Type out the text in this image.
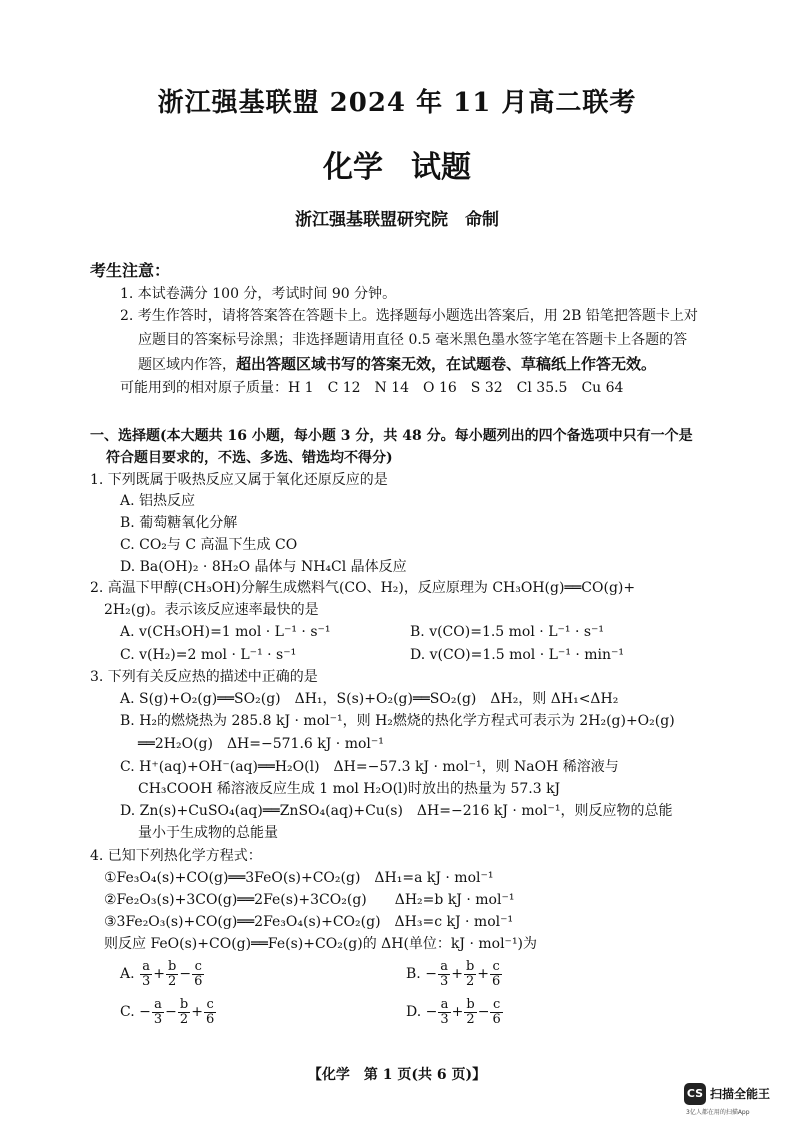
浙江强基联盟 2024 年 11 月高二联考
化学 试题
浙江强基联盟研究院　命制
考生注意：
1. 本试卷满分 100 分，考试时间 90 分钟。
2. 考生作答时，请将答案答在答题卡上。选择题每小题选出答案后，用 2B 铅笔把答题卡上对
应题目的答案标号涂黑；非选择题请用直径 0.5 毫米黑色墨水签字笔在答题卡上各题的答
题区域内作答，超出答题区域书写的答案无效，在试题卷、草稿纸上作答无效。
可能用到的相对原子质量：H 1　C 12　N 14　O 16　S 32　Cl 35.5　Cu 64
一、选择题(本大题共 16 小题，每小题 3 分，共 48 分。每小题列出的四个备选项中只有一个是
符合题目要求的，不选、多选、错选均不得分)
1. 下列既属于吸热反应又属于氧化还原反应的是
A. 铝热反应
B. 葡萄糖氧化分解
C. CO₂与 C 高温下生成 CO
D. Ba(OH)₂ · 8H₂O 晶体与 NH₄Cl 晶体反应
2. 高温下甲醇(CH₃OH)分解生成燃料气(CO、H₂)，反应原理为 CH₃OH(g)══CO(g)+
2H₂(g)。表示该反应速率最快的是
A. v(CH₃OH)=1 mol · L⁻¹ · s⁻¹	B. v(CO)=1.5 mol · L⁻¹ · s⁻¹
C. v(H₂)=2 mol · L⁻¹ · s⁻¹	D. v(CO)=1.5 mol · L⁻¹ · min⁻¹
3. 下列有关反应热的描述中正确的是
A. S(g)+O₂(g)══SO₂(g)　ΔH₁，S(s)+O₂(g)══SO₂(g)　ΔH₂，则 ΔH₁<ΔH₂
B. H₂的燃烧热为 285.8 kJ · mol⁻¹，则 H₂燃烧的热化学方程式可表示为 2H₂(g)+O₂(g)
══2H₂O(g)　ΔH=−571.6 kJ · mol⁻¹
C. H⁺(aq)+OH⁻(aq)══H₂O(l)　ΔH=−57.3 kJ · mol⁻¹，则 NaOH 稀溶液与
CH₃COOH 稀溶液反应生成 1 mol H₂O(l)时放出的热量为 57.3 kJ
D. Zn(s)+CuSO₄(aq)══ZnSO₄(aq)+Cu(s)　ΔH=−216 kJ · mol⁻¹，则反应物的总能
量小于生成物的总能量
4. 已知下列热化学方程式：
①Fe₃O₄(s)+CO(g)══3FeO(s)+CO₂(g)　ΔH₁=a kJ · mol⁻¹
②Fe₂O₃(s)+3CO(g)══2Fe(s)+3CO₂(g)　　ΔH₂=b kJ · mol⁻¹
③3Fe₂O₃(s)+CO(g)══2Fe₃O₄(s)+CO₂(g)　ΔH₃=c kJ · mol⁻¹
则反应 FeO(s)+CO(g)══Fe(s)+CO₂(g)的 ΔH(单位：kJ · mol⁻¹)为
A. $\frac{a}{3} + \frac{b}{2} - \frac{c}{6}$	B. − $\frac{a}{3} + \frac{b}{2} + \frac{c}{6}$
C. − $\frac{a}{3} - \frac{b}{2} + \frac{c}{6}$	D. − $\frac{a}{3} + \frac{b}{2} - \frac{c}{6}$
【化学　第 1 页(共 6 页)】
CS 扫描全能王
3亿人都在用的扫描App
